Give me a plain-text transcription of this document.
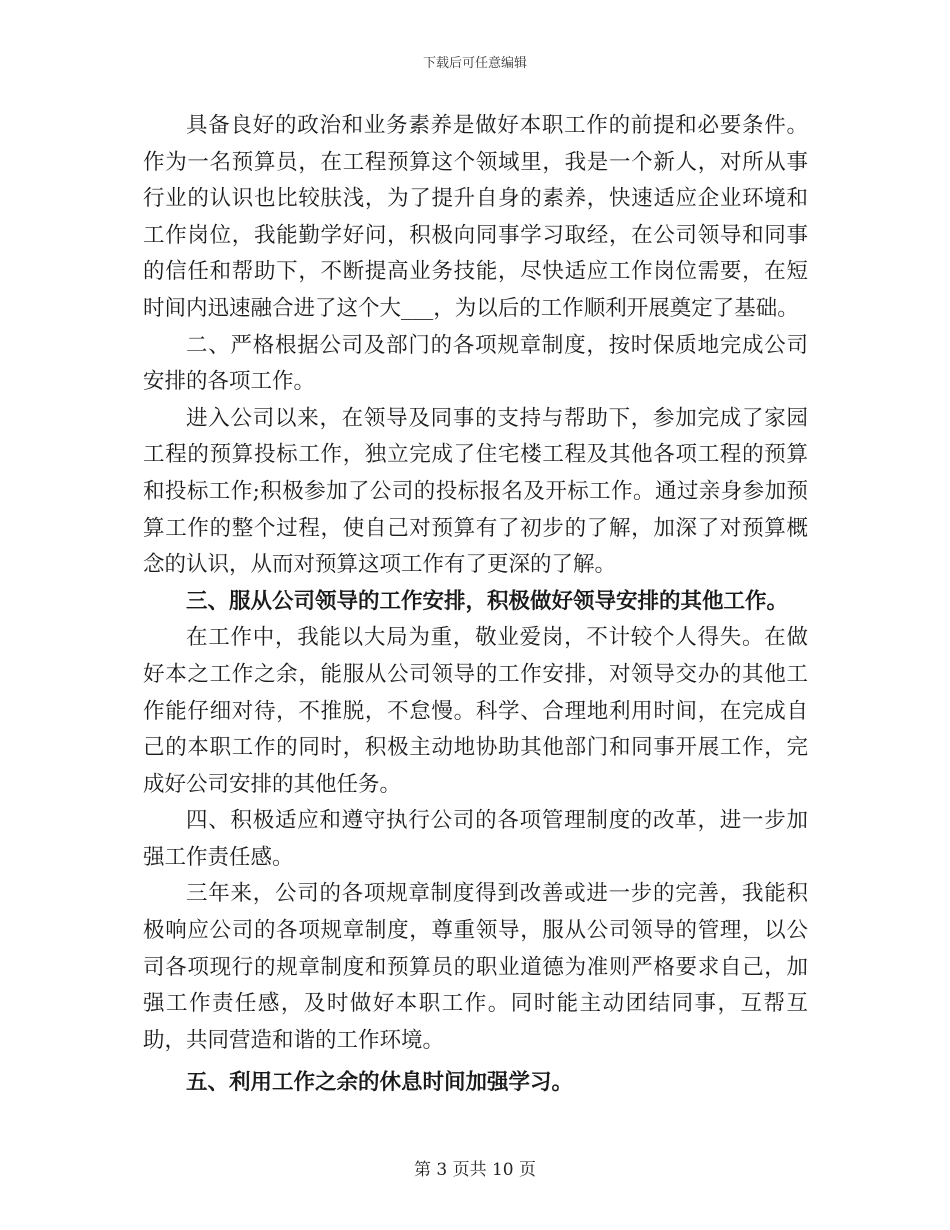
下载后可任意编辑

具备良好的政治和业务素养是做好本职工作的前提和必要条件。作为一名预算员，在工程预算这个领域里，我是一个新人，对所从事行业的认识也比较肤浅，为了提升自身的素养，快速适应企业环境和工作岗位，我能勤学好问，积极向同事学习取经，在公司领导和同事的信任和帮助下，不断提高业务技能，尽快适应工作岗位需要，在短时间内迅速融合进了这个大___，为以后的工作顺利开展奠定了基础。

二、严格根据公司及部门的各项规章制度，按时保质地完成公司安排的各项工作。

进入公司以来，在领导及同事的支持与帮助下，参加完成了家园工程的预算投标工作，独立完成了住宅楼工程及其他各项工程的预算和投标工作;积极参加了公司的投标报名及开标工作。通过亲身参加预算工作的整个过程，使自己对预算有了初步的了解，加深了对预算概念的认识，从而对预算这项工作有了更深的了解。

三、服从公司领导的工作安排，积极做好领导安排的其他工作。

在工作中，我能以大局为重，敬业爱岗，不计较个人得失。在做好本之工作之余，能服从公司领导的工作安排，对领导交办的其他工作能仔细对待，不推脱，不怠慢。科学、合理地利用时间，在完成自己的本职工作的同时，积极主动地协助其他部门和同事开展工作，完成好公司安排的其他任务。

四、积极适应和遵守执行公司的各项管理制度的改革，进一步加强工作责任感。

三年来，公司的各项规章制度得到改善或进一步的完善，我能积极响应公司的各项规章制度，尊重领导，服从公司领导的管理，以公司各项现行的规章制度和预算员的职业道德为准则严格要求自己，加强工作责任感，及时做好本职工作。同时能主动团结同事，互帮互助，共同营造和谐的工作环境。

五、利用工作之余的休息时间加强学习。

第 3 页共 10 页
